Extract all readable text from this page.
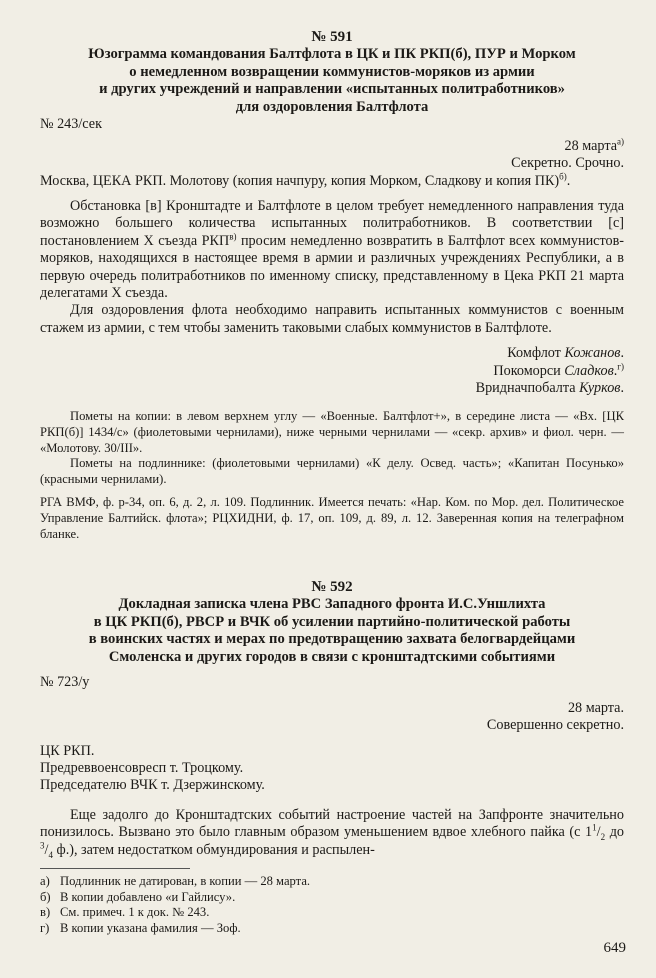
№ 591

Юзограмма командования Балтфлота в ЦК и ПК РКП(б), ПУР и Морком

о немедленном возвращении коммунистов-моряков из армии

и других учреждений и направлении «испытанных политработников»

для оздоровления Балтфлота

№ 243/сек

28 марта$^{а)}$

Секретно. Срочно.

Москва, ЦЕКА РКП. Молотову (копия начпуру, копия Морком, Сладкову и копия ПК)$^{б)}$.

Обстановка [в] Кронштадте и Балтфлоте в целом требует немедленного направления туда возможно большего количества испытанных политработников. В соответствии [с] постановлением X съезда $РКП^{в)}$ просим немедленно возвратить в Балтфлот всех коммунистов-моряков, находящихся в настоящее время в армии и различных учреждениях Республики, а в первую очередь политработников по именному списку, представленному в Цека РКП 21 марта делегатами X съезда.

Для оздоровления флота необходимо направить испытанных коммунистов с военным стажем из армии, с тем чтобы заменить таковыми слабых коммунистов в Балтфлоте.

Комфлот Кожанов.
Покоморси Сладков.$^{г)}$
Вридначпобалта Курков.

Пометы на копии: в левом верхнем углу — «Военные. Балтфлот+», в середине листа — «Вх. [ЦК РКП(б)] 1434/с» (фиолетовыми чернилами), ниже черными чернилами — «секр. архив» и фиол. черн. — «Молотову. 30/III».

Пометы на подлиннике: (фиолетовыми чернилами) «К делу. Освед. часть»; «Капитан Посунько» (красными чернилами).

РГА ВМФ, ф. р-34, оп. 6, д. 2, л. 109. Подлинник. Имеется печать: «Нар. Ком. по Мор. дел. Политическое Управление Балтийск. флота»; РЦХИДНИ, ф. 17, оп. 109, д. 89, л. 12. Заверенная копия на телеграфном бланке.

№ 592

Докладная записка члена РВС Западного фронта И.С.Уншлихта

в ЦК РКП(б), РВСР и ВЧК об усилении партийно-политической работы

в воинских частях и мерах по предотвращению захвата белогвардейцами

Смоленска и других городов в связи с кронштадтскими событиями

№ 723/у

28 марта.

Совершенно секретно.

ЦК РКП.

Предреввоенсовресп т. Троцкому.

Председателю ВЧК т. Дзержинскому.

Еще задолго до Кронштадтских событий настроение частей на Запфронте значительно понизилось. Вызвано это было главным образом уменьшением вдвое хлебного пайка (с $1^1/_2$ до $^3/_4$ ф.), затем недостатком обмундирования и распылен-

а) Подлинник не датирован, в копии — 28 марта.

б) В копии добавлено «и Гайлису».

в) См. примеч. 1 к док. № 243.

г) В копии указана фамилия — Зоф.

649
